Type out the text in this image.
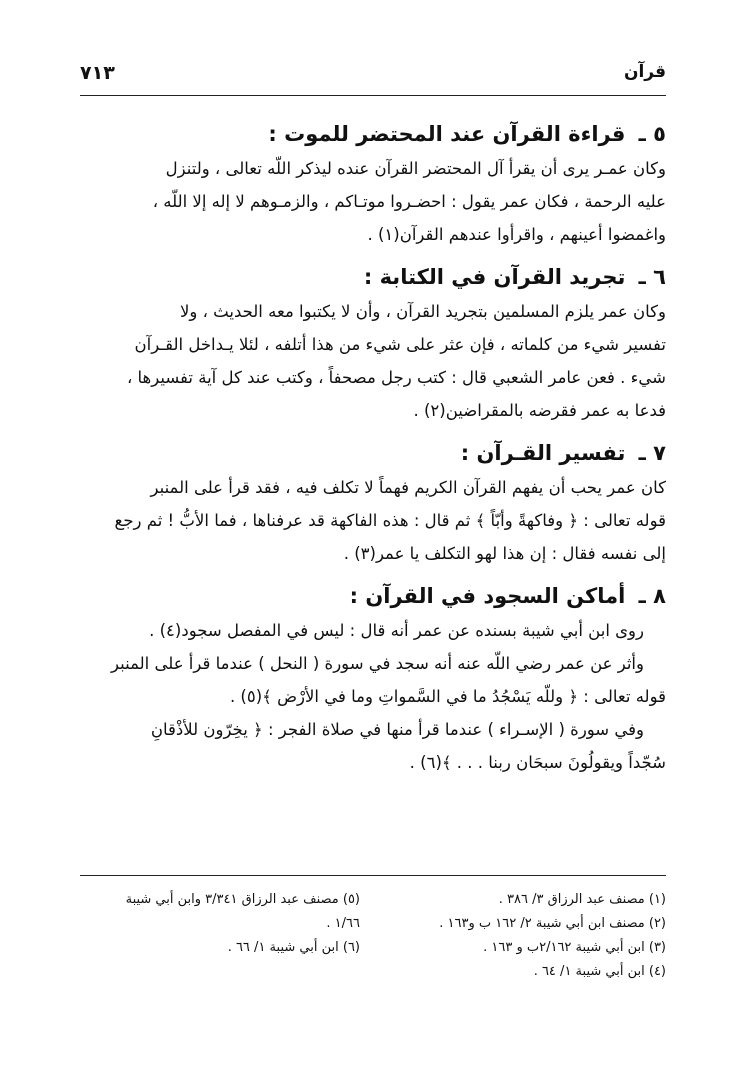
قرآن
٧١٣

٥ ـ قراءة القرآن عند المحتضر للموت :

وكان عمـر يرى أن يقرأ آل المحتضر القرآن عنده ليذكر اللّه تعالى ، ولتنزل

عليه الرحمة ، فكان عمر يقول : احضـروا موتـاكم ، والزمـوهم لا إله إلا اللّه ،

واغمضوا أعينهم ، واقرأوا عندهم القرآن(١) .

٦ ـ تجريد القرآن في الكتابة :

وكان عمر يلزم المسلمين بتجريد القرآن ، وأن لا يكتبوا معه الحديث ، ولا

تفسير شيء من كلماته ، فإن عثر على شيء من هذا أتلفه ، لئلا يـداخل القـرآن

شيء . فعن عامر الشعبي قال : كتب رجل مصحفاً ، وكتب عند كل آية تفسيرها ،

فدعا به عمر فقرضه بالمقراضين(٢) .

٧ ـ تفسير القـرآن :

كان عمر يحب أن يفهم القرآن الكريم فهماً لا تكلف فيه ، فقد قرأ على المنبر

قوله تعالى : ﴿ وفاكهةً وأبّاً ﴾ ثم قال : هذه الفاكهة قد عرفناها ، فما الأبُّ ! ثم رجع

إلى نفسه فقال : إن هذا لهو التكلف يا عمر(٣) .

٨ ـ أماكن السجود في القرآن :

روى ابن أبي شيبة بسنده عن عمر أنه قال : ليس في المفصل سجود(٤) .

وأثر عن عمر رضي اللّه عنه أنه سجد في سورة ( النحل ) عندما قرأ على المنبر

قوله تعالى : ﴿ وللّه يَسْجُدُ ما في السَّمواتِ وما في الأرْض ﴾(٥) .

وفي سورة ( الإسـراء ) عندما قرأ منها في صلاة الفجر : ﴿ يخِرّون للأذْقانِ

سُجّداً ويقولُونَ سبحَان ربنا . . . ﴾(٦) .

(١) مصنف عبد الرزاق ٣/ ٣٨٦ .
(٢) مصنف ابن أبي شيبة ٢/ ١٦٢ ب و١٦٣ .
(٣) ابن أبي شيبة ٢/١٦٢ب و ١٦٣ .
(٤) ابن أبي شيبة ١/ ٦٤ .
(٥) مصنف عبد الرزاق ٣/٣٤١ وابن أبي شيبة
١/٦٦ .
(٦) ابن أبي شيبة ١/ ٦٦ .
